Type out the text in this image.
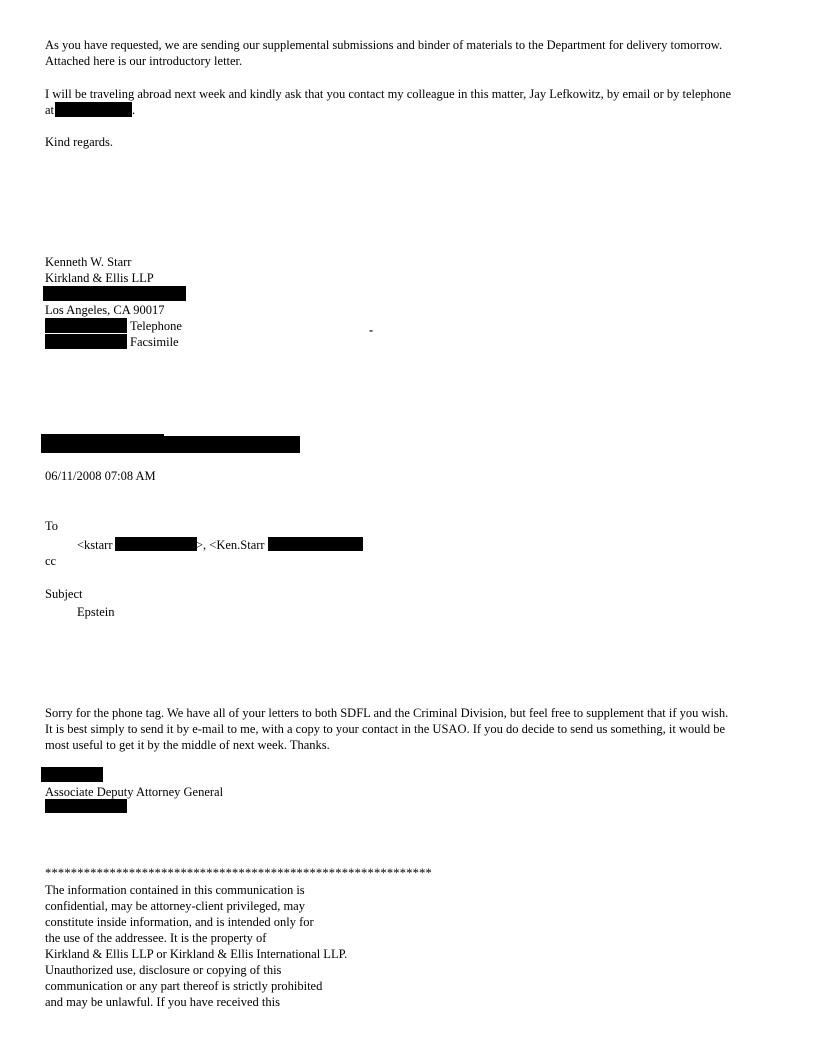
As you have requested, we are sending our supplemental submissions and binder of materials to the Department for delivery tomorrow.
Attached here is our introductory letter.
I will be traveling abroad next week and kindly ask that you contact my colleague in this matter, Jay Lefkowitz, by email or by telephone
at	.
Kind regards.
Kenneth W. Starr
Kirkland & Ellis LLP
Los Angeles, CA 90017
Telephone
Facsimile
-
06/11/2008 07:08 AM
To
<kstarr	>, <Ken.Starr
cc
Subject
Epstein
Sorry for the phone tag. We have all of your letters to both SDFL and the Criminal Division, but feel free to supplement that if you wish.
It is best simply to send it by e-mail to me, with a copy to your contact in the USAO. If you do decide to send us something, it would be
most useful to get it by the middle of next week. Thanks.
Associate Deputy Attorney General
************************************************************
The information contained in this communication is
confidential, may be attorney-client privileged, may
constitute inside information, and is intended only for
the use of the addressee. It is the property of
Kirkland & Ellis LLP or Kirkland & Ellis International LLP.
Unauthorized use, disclosure or copying of this
communication or any part thereof is strictly prohibited
and may be unlawful. If you have received this
